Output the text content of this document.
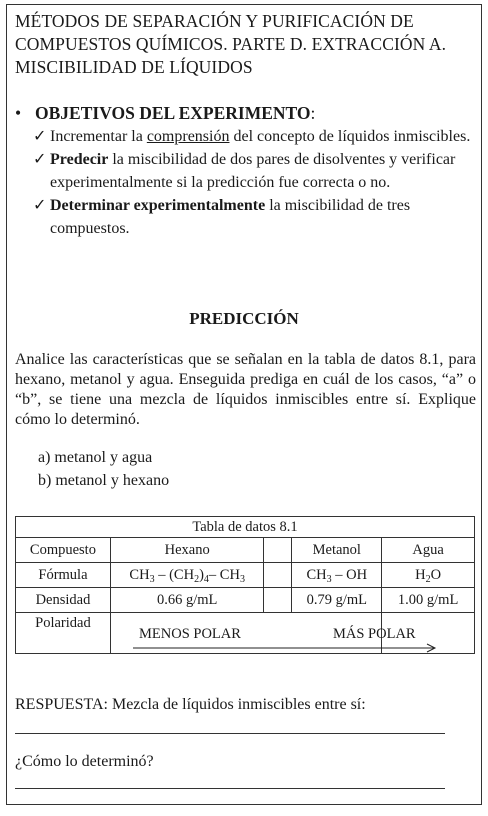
MÉTODOS DE SEPARACIÓN Y PURIFICACIÓN DE COMPUESTOS QUÍMICOS. PARTE D. EXTRACCIÓN A. MISCIBILIDAD DE LÍQUIDOS
• OBJETIVOS DEL EXPERIMENTO:
✓ Incrementar la comprensión del concepto de líquidos inmiscibles.
✓ Predecir la miscibilidad de dos pares de disolventes y verificar experimentalmente si la predicción fue correcta o no.
✓ Determinar experimentalmente la miscibilidad de tres compuestos.
PREDICCIÓN
Analice las características que se señalan en la tabla de datos 8.1, para hexano, metanol y agua. Enseguida prediga en cuál de los casos, “a” o “b”, se tiene una mezcla de líquidos inmiscibles entre sí. Explique cómo lo determinó.
a) metanol y agua
b) metanol y hexano
Tabla de datos 8.1				
Compuesto	Hexano		Metanol	Agua
Fórmula	$CH_3 - (CH_2)_4-$ $CH_3$		$CH_3$ – OH	$H_2O$
Densidad	0.66 g/mL		0.79 g/mL	1.00 g/mL

Polaridad				

MENOS POLAR	MÁS POLAR
RESPUESTA: Mezcla de líquidos inmiscibles entre sí:
¿Cómo lo determinó?
